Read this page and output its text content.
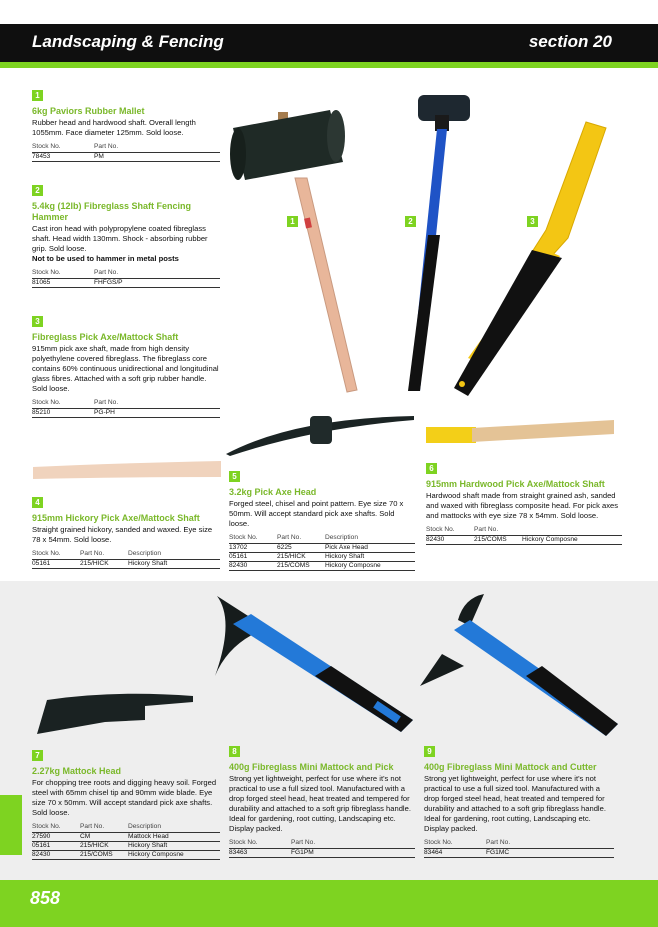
Landscaping & Fencing	section 20
858
1
6kg Paviors Rubber Mallet
Rubber head and hardwood shaft. Overall length 1055mm. Face diameter 125mm. Sold loose.
Stock No.	Part No.
78453	PM
2
5.4kg (12lb) Fibreglass Shaft Fencing Hammer
Cast iron head with polypropylene coated fibreglass shaft. Head width 130mm. Shock - absorbing rubber grip. Sold loose.
Not to be used to hammer in metal posts
Stock No.	Part No.
81065	FHFGS/P
3
Fibreglass Pick Axe/Mattock Shaft
915mm pick axe shaft, made from high density polyethylene covered fibreglass. The fibreglass core contains 60% continuous unidirectional and longitudinal glass fibres. Attached with a soft grip rubber handle. Sold loose.
Stock No.	Part No.
85210	PG-PH
4
915mm Hickory Pick Axe/Mattock Shaft
Straight grained hickory, sanded and waxed. Eye size 78 x 54mm. Sold loose.
Stock No.	Part No.	Description
05161	215/HICK	Hickory Shaft
5
3.2kg Pick Axe Head
Forged steel, chisel and point pattern. Eye size 70 x 50mm. Will accept standard pick axe shafts. Sold loose.
Stock No.	Part No.	Description
13702	6225	Pick Axe Head
05161	215/HICK	Hickory Shaft
82430	215/COMS	Hickory Composne
6
915mm Hardwood Pick Axe/Mattock Shaft
Hardwood shaft made from straight grained ash, sanded and waxed with fibreglass composite head. For pick axes and mattocks with eye size 78 x 54mm. Sold loose.
Stock No.	Part No.	
82430	215/COMS	Hickory Composne
7
2.27kg Mattock Head
For chopping tree roots and digging heavy soil. Forged steel with 65mm chisel tip and 90mm wide blade. Eye size 70 x 50mm. Will accept standard pick axe shafts. Sold loose.
Stock No.	Part No.	Description
27590	CM	Mattock Head
05161	215/HICK	Hickory Shaft
82430	215/COMS	Hickory Composne
8
400g Fibreglass Mini Mattock and Pick
Strong yet lightweight, perfect for use where it's not practical to use a full sized tool. Manufactured with a drop forged steel head, heat treated and tempered for durability and attached to a soft grip fibreglass handle. Ideal for gardening, root cutting, Landscaping etc. Display packed.
Stock No.	Part No.
83463	FG1PM
9
400g Fibreglass Mini Mattock and Cutter
Strong yet lightweight, perfect for use where it's not practical to use a full sized tool. Manufactured with a drop forged steel head, heat treated and tempered for durability and attached to a soft grip fibreglass handle. Ideal for gardening, root cutting, Landscaping etc. Display packed.
Stock No.	Part No.
83464	FG1MC
1	2	3
